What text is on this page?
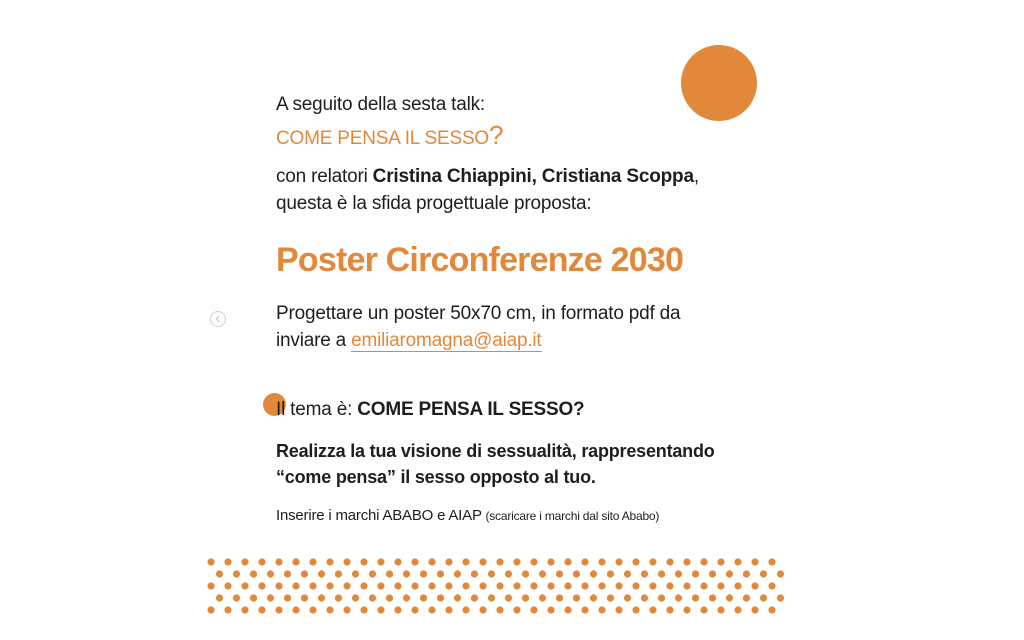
A seguito della sesta talk:
COME PENSA IL SESSO?
con relatori Cristina Chiappini, Cristiana Scoppa,
questa è la sfida progettuale proposta:
Poster Circonferenze 2030
Progettare un poster 50x70 cm, in formato pdf da
inviare a emiliaromagna@aiap.it
Il tema è: COME PENSA IL SESSO?
Realizza la tua visione di sessualità, rappresentando
“come pensa” il sesso opposto al tuo.
Inserire i marchi ABABO e AIAP (scaricare i marchi dal sito Ababo)
